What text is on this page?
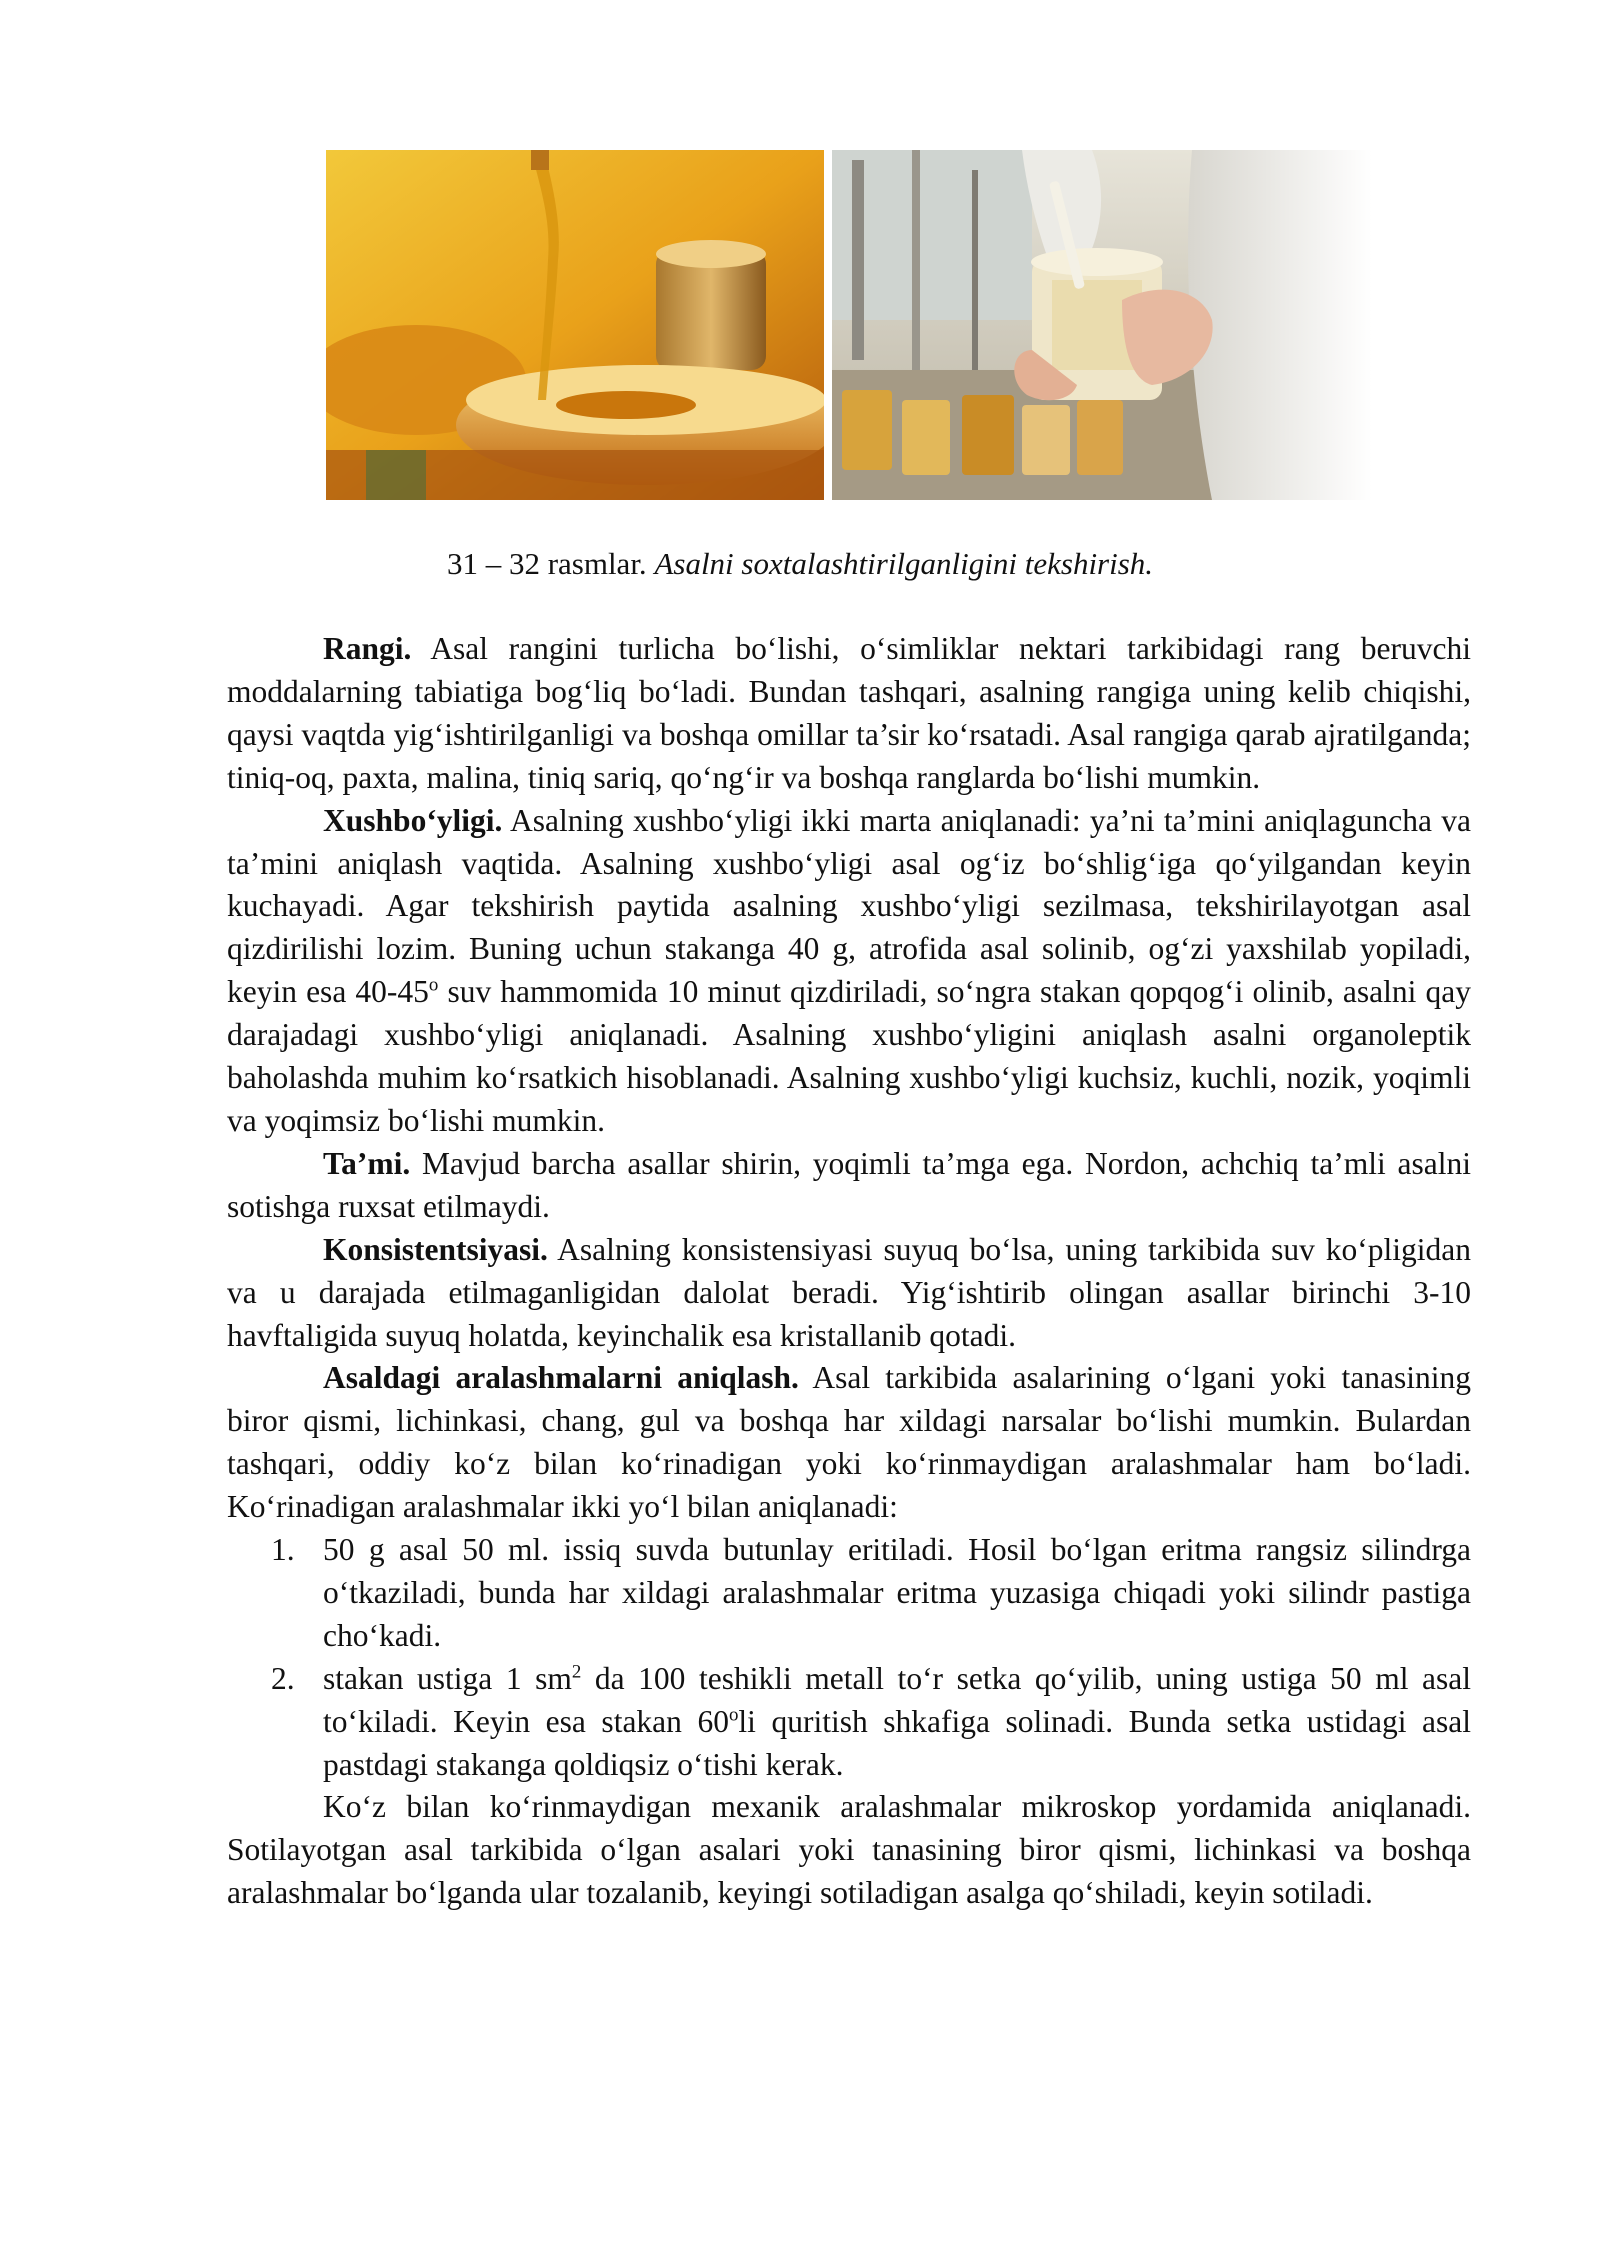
31 – 32 rasmlar. Asalni soxtalashtirilganligini tekshirish.

Rangi. Asal rangini turlicha bo‘lishi, o‘simliklar nektari tarkibidagi rang beruvchi moddalarning tabiatiga bog‘liq bo‘ladi. Bundan tashqari, asalning rangiga uning kelib chiqishi, qaysi vaqtda yig‘ishtirilganligi va boshqa omillar ta’sir ko‘rsatadi. Asal rangiga qarab ajratilganda; tiniq-oq, paxta, malina, tiniq sariq, qo‘ng‘ir va boshqa ranglarda bo‘lishi mumkin.

Xushbo‘yligi. Asalning xushbo‘yligi ikki marta aniqlanadi: ya’ni ta’mini aniqlaguncha va ta’mini aniqlash vaqtida. Asalning xushbo‘yligi asal og‘iz bo‘shlig‘iga qo‘yilgandan keyin kuchayadi. Agar tekshirish paytida asalning xushbo‘yligi sezilmasa, tekshirilayotgan asal qizdirilishi lozim. Buning uchun stakanga 40 g, atrofida asal solinib, og‘zi yaxshilab yopiladi, keyin esa 40-45$^o$ suv hammomida 10 minut qizdiriladi, so‘ngra stakan qopqog‘i olinib, asalni qay darajadagi xushbo‘yligi aniqlanadi. Asalning xushbo‘yligini aniqlash asalni organoleptik baholashda muhim ko‘rsatkich hisoblanadi. Asalning xushbo‘yligi kuchsiz, kuchli, nozik, yoqimli va yoqimsiz bo‘lishi mumkin.

Ta’mi. Mavjud barcha asallar shirin, yoqimli ta’mga ega. Nordon, achchiq ta’mli asalni sotishga ruxsat etilmaydi.

Konsistentsiyasi. Asalning konsistensiyasi suyuq bo‘lsa, uning tarkibida suv ko‘pligidan va u darajada etilmaganligidan dalolat beradi. Yig‘ishtirib olingan asallar birinchi 3-10 havftaligida suyuq holatda, keyinchalik esa kristallanib qotadi.

Asaldagi aralashmalarni aniqlash. Asal tarkibida asalarining o‘lgani yoki tanasining biror qismi, lichinkasi, chang, gul va boshqa har xildagi narsalar bo‘lishi mumkin. Bulardan tashqari, oddiy ko‘z bilan ko‘rinadigan yoki ko‘rinmaydigan aralashmalar ham bo‘ladi. Ko‘rinadigan aralashmalar ikki yo‘l bilan aniqlanadi:

1. 50 g asal 50 ml. issiq suvda butunlay eritiladi. Hosil bo‘lgan eritma rangsiz silindrga o‘tkaziladi, bunda har xildagi aralashmalar eritma yuzasiga chiqadi yoki silindr pastiga cho‘kadi.
2. stakan ustiga 1 $sm^2$ da 100 teshikli metall to‘r setka qo‘yilib, uning ustiga 50 ml asal to‘kiladi. Keyin esa stakan 60$^o$li quritish shkafiga solinadi. Bunda setka ustidagi asal pastdagi stakanga qoldiqsiz o‘tishi kerak.

Ko‘z bilan ko‘rinmaydigan mexanik aralashmalar mikroskop yordamida aniqlanadi. Sotilayotgan asal tarkibida o‘lgan asalari yoki tanasining biror qismi, lichinkasi va boshqa aralashmalar bo‘lganda ular tozalanib, keyingi sotiladigan asalga qo‘shiladi, keyin sotiladi.
